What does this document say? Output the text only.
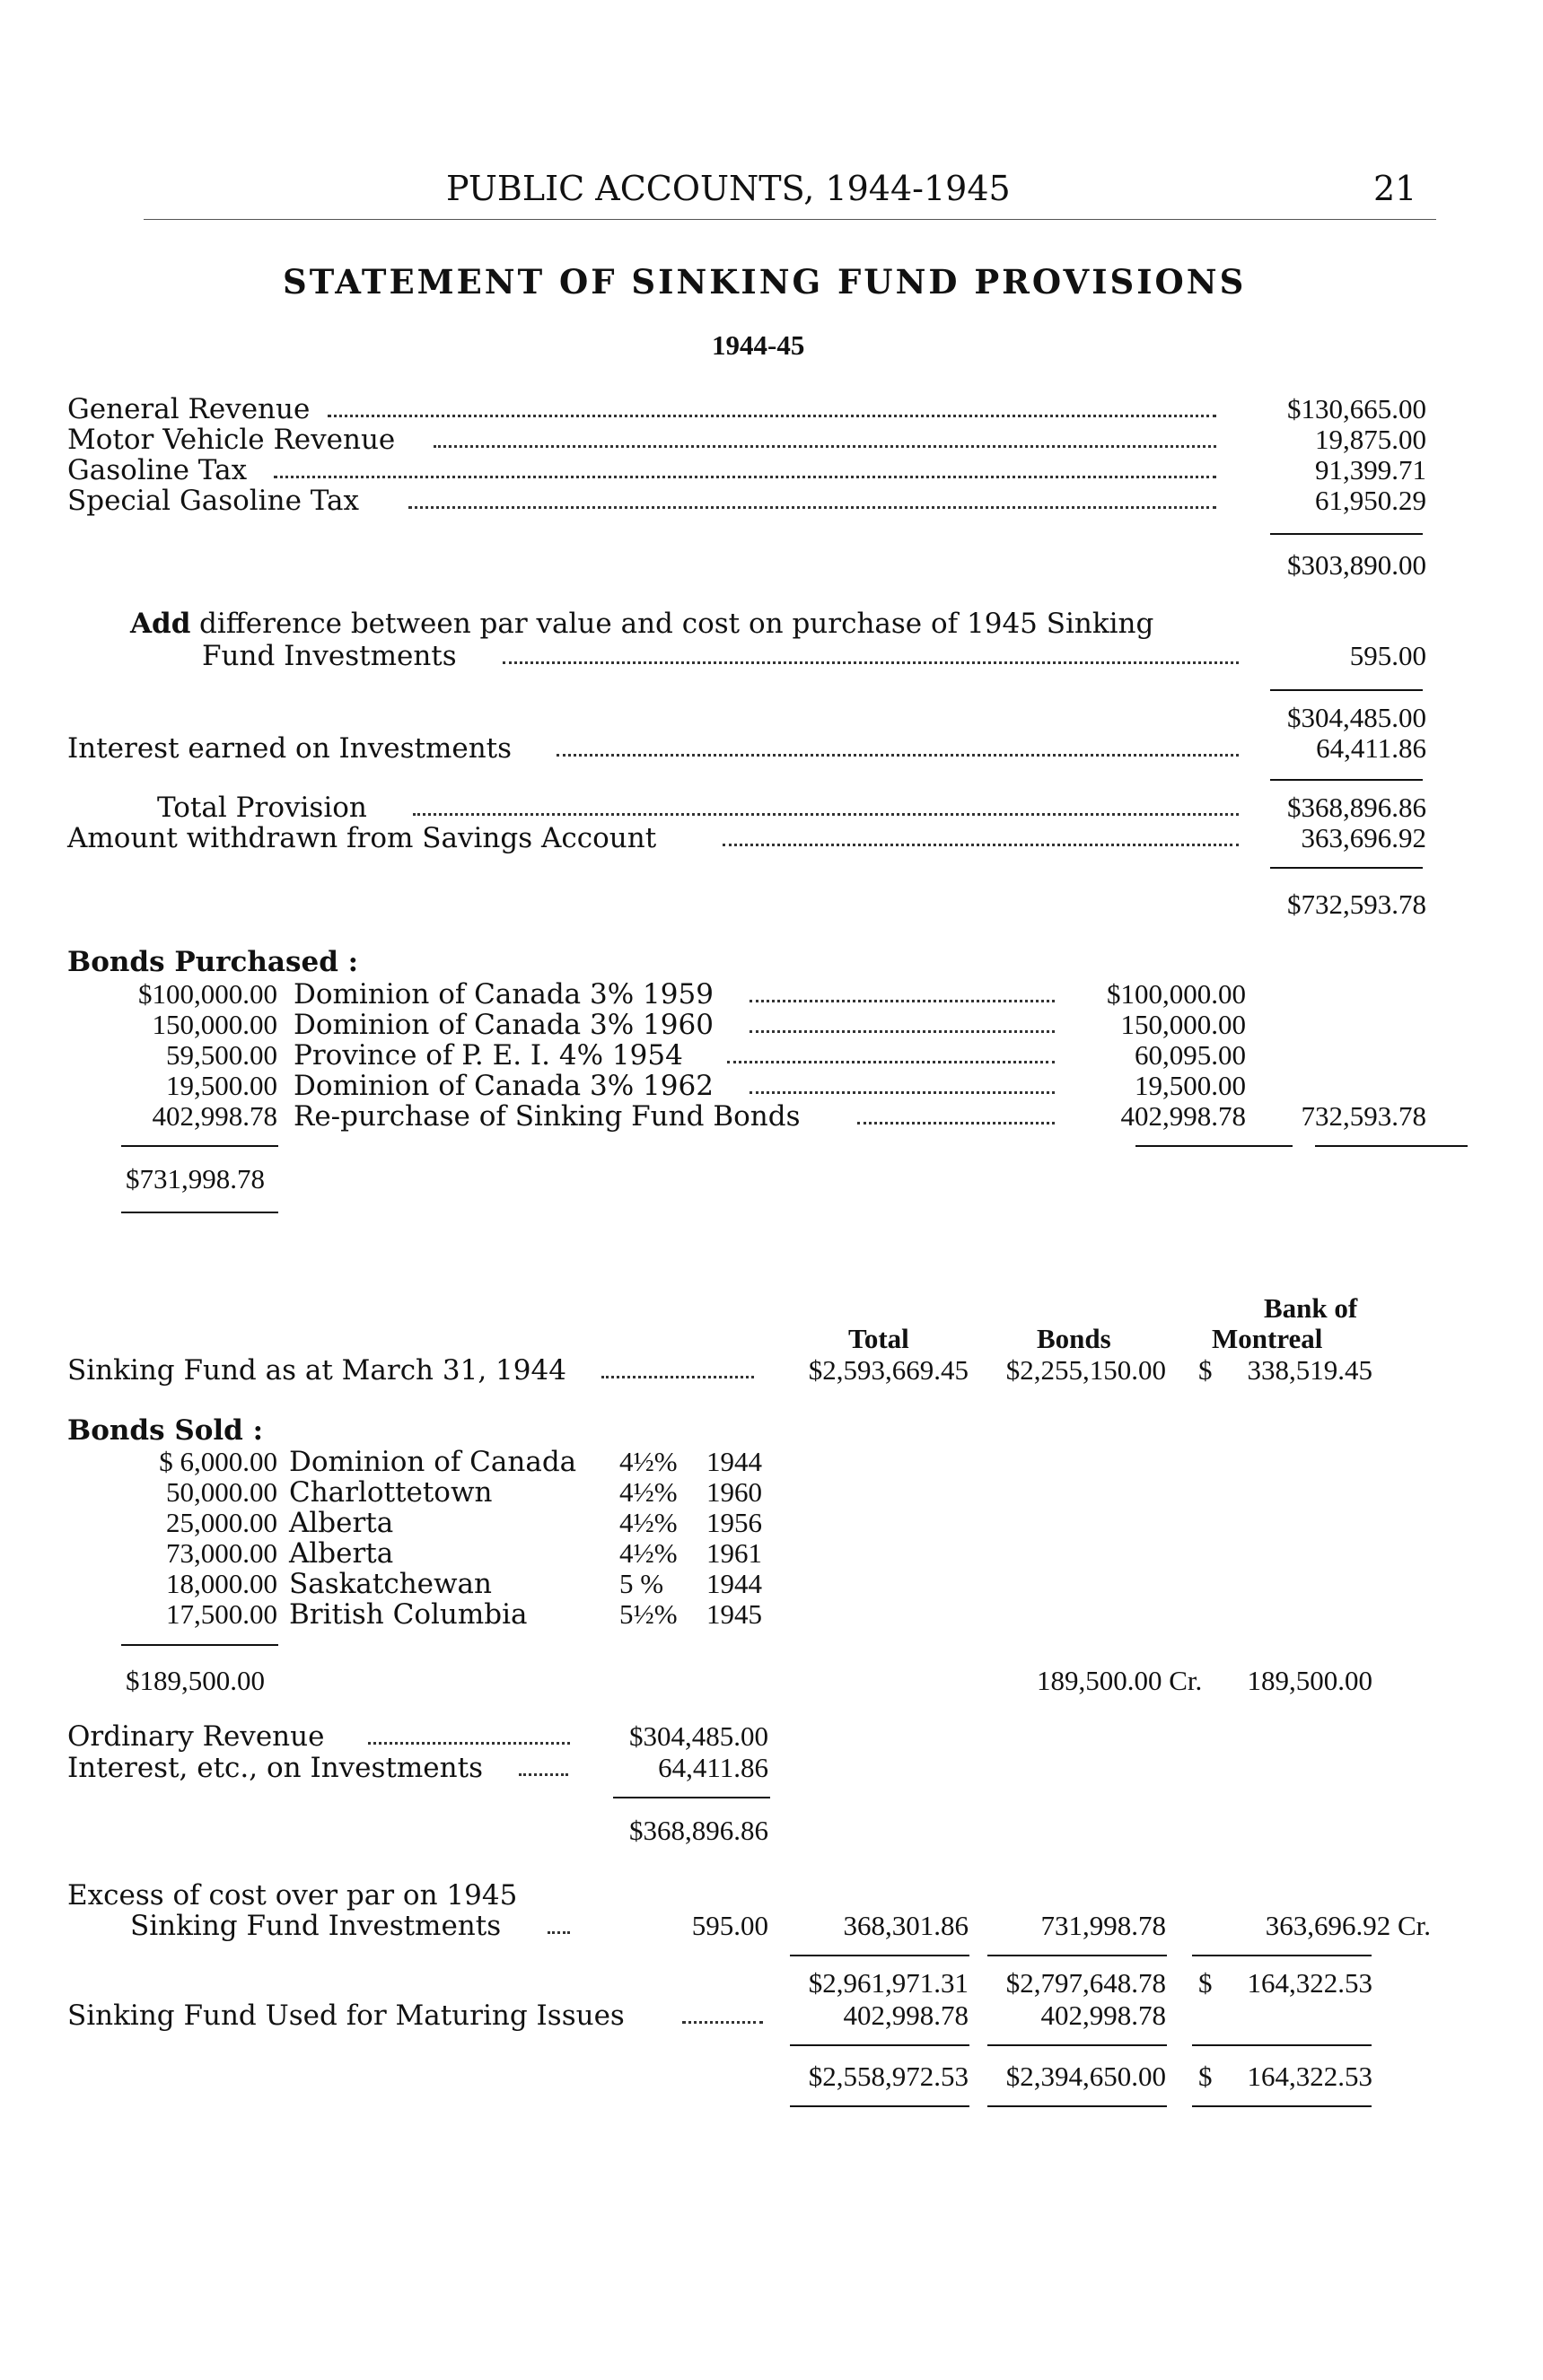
PUBLIC ACCOUNTS, 1944-1945	21
STATEMENT OF SINKING FUND PROVISIONS
1944-45
General Revenue	$130,665.00
Motor Vehicle Revenue	19,875.00
Gasoline Tax	91,399.71
Special Gasoline Tax	61,950.29
$303,890.00
Add difference between par value and cost on purchase of 1945 Sinking
Fund Investments	595.00
$304,485.00
Interest earned on Investments	64,411.86
Total Provision	$368,896.86
Amount withdrawn from Savings Account	363,696.92
$732,593.78
Bonds Purchased :
$100,000.00 Dominion of Canada 3% 1959	$100,000.00
150,000.00 Dominion of Canada 3% 1960	150,000.00
59,500.00 Province of P. E. I. 4% 1954	60,095.00
19,500.00 Dominion of Canada 3% 1962	19,500.00
402,998.78 Re-purchase of Sinking Fund Bonds	402,998.78 732,593.78
$731,998.78
Bank of
Total	Bonds	Montreal
Sinking Fund as at March 31, 1944	$2,593,669.45 $2,255,150.00 $ 338,519.45
Bonds Sold :
$ 6,000.00 Dominion of Canada 4½% 1944
50,000.00 Charlottetown	4½% 1960
25,000.00 Alberta	4½% 1956
73,000.00 Alberta	4½% 1961
18,000.00 Saskatchewan	5 % 1944
17,500.00 British Columbia	5½% 1945
$189,500.00	189,500.00 Cr. 189,500.00
Ordinary Revenue	$304,485.00
Interest, etc., on Investments	64,411.86
$368,896.86
Excess of cost over par on 1945
Sinking Fund Investments	595.00	368,301.86	731,998.78	363,696.92 Cr.
$2,961,971.31 $2,797,648.78 $ 164,322.53
Sinking Fund Used for Maturing Issues	402,998.78	402,998.78
$2,558,972.53 $2,394,650.00 $ 164,322.53
